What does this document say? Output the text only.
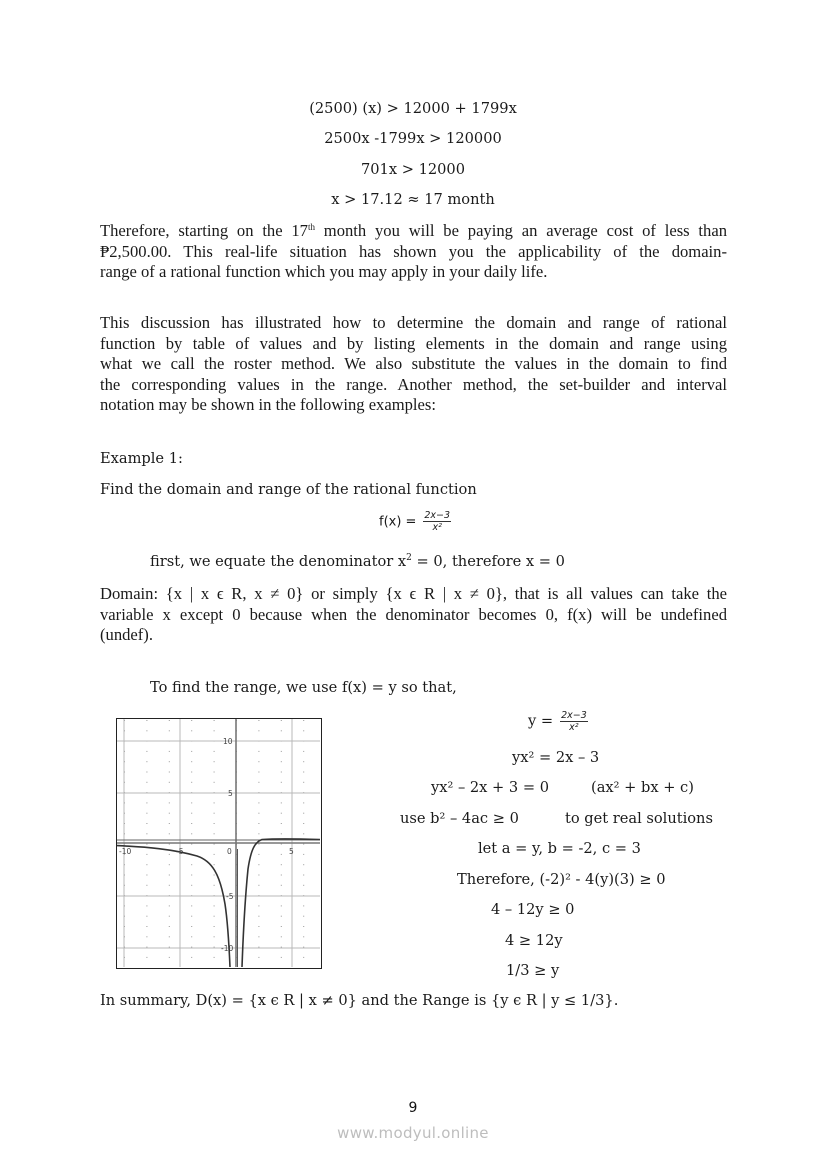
(2500) (x) > 12000 + 1799x
2500x -1799x > 120000
701x > 12000
x > 17.12 ≈ 17 month
Therefore, starting on the 17th month you will be paying an average cost of less than
₱2,500.00. This real-life situation has shown you the applicability of the domain-
range of a rational function which you may apply in your daily life.
This discussion has illustrated how to determine the domain and range of rational
function by table of values and by listing elements in the domain and range using
what we call the roster method. We also substitute the values in the domain to find
the corresponding values in the range. Another method, the set-builder and interval
notation may be shown in the following examples:
Example 1:
Find the domain and range of the rational function
$f(x) = \frac{2x-3}{\text{x²}}$
first, we equate the denominator $x^2 = 0$, therefore x = 0
Domain: {x | x ϵ R, x ≠ 0} or simply {x ϵ R | x ≠ 0}, that is all values can take the
variable x except 0 because when the denominator becomes 0, f(x) will be undefined
(undef).
To find the range, we use f(x) = y so that,
-10	-5	0	5
10
5
-5
-10
$y = \frac{2x-3}{\text{x²}}$
yx² = 2x – 3
yx² – 2x + 3 = 0	(ax² + bx + c)
use b² – 4ac ≥ 0	to get real solutions
let a = y, b = -2, c = 3
Therefore, (-2)² - 4(y)(3) ≥ 0
4 – 12y ≥ 0
4 ≥ 12y
1/3 ≥ y
In summary, D(x) = {x ϵ R | x ≠ 0} and the Range is {y ϵ R | y ≤ 1/3}.
9
www.modyul.online
